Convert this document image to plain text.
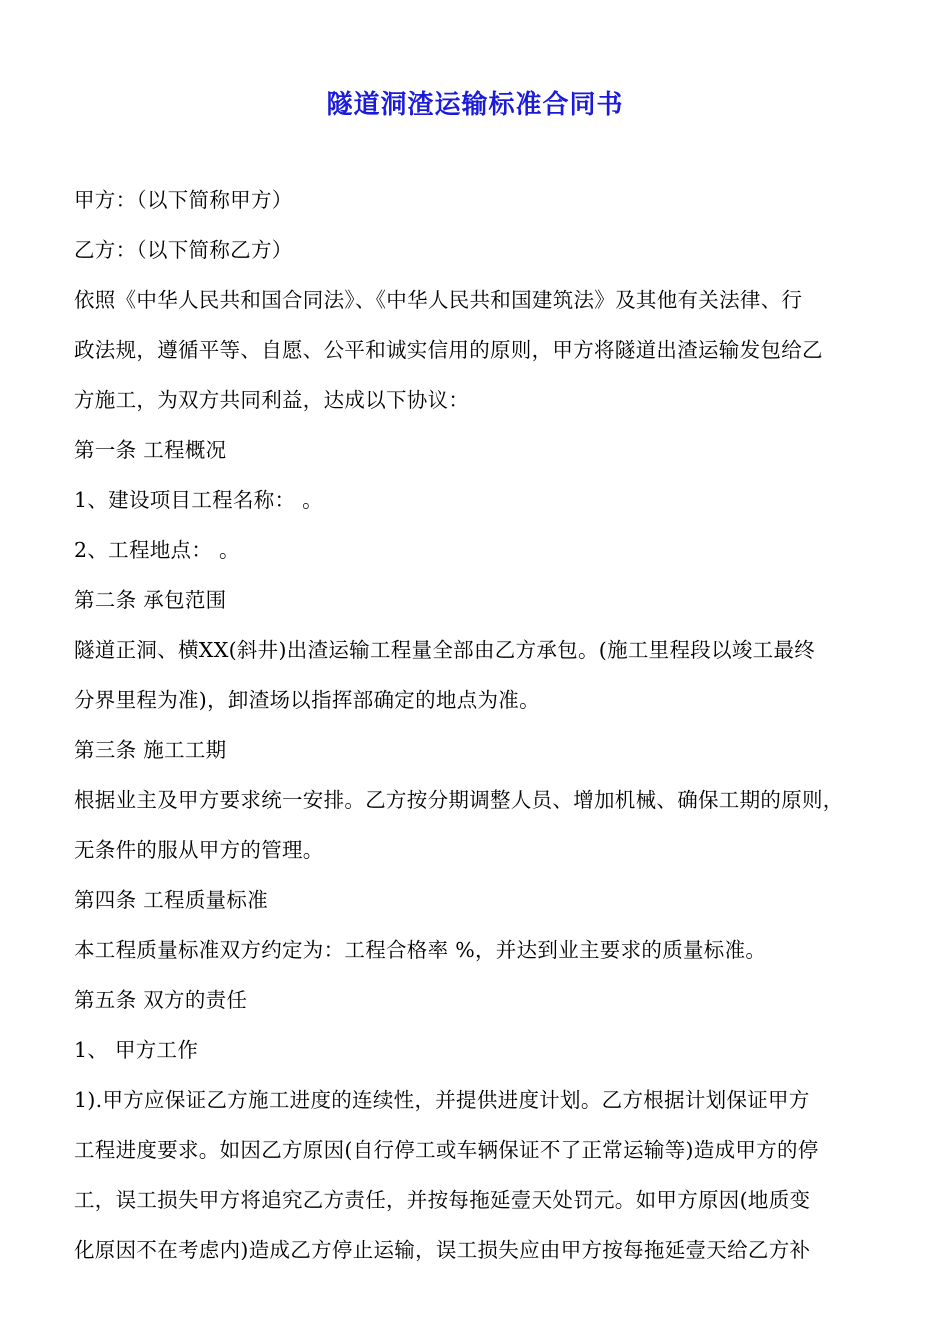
隧道洞渣运输标准合同书
甲方：（以下简称甲方）
乙方：（以下简称乙方）
依照《中华人民共和国合同法》、《中华人民共和国建筑法》及其他有关法律、行
政法规，遵循平等、自愿、公平和诚实信用的原则，甲方将隧道出渣运输发包给乙
方施工，为双方共同利益，达成以下协议：
第一条 工程概况
1、建设项目工程名称： 。
2、工程地点： 。
第二条 承包范围
隧道正洞、横XX(斜井)出渣运输工程量全部由乙方承包。(施工里程段以竣工最终
分界里程为准)，卸渣场以指挥部确定的地点为准。
第三条 施工工期
根据业主及甲方要求统一安排。乙方按分期调整人员、增加机械、确保工期的原则，
无条件的服从甲方的管理。
第四条 工程质量标准
本工程质量标准双方约定为：工程合格率 %，并达到业主要求的质量标准。
第五条 双方的责任
1、 甲方工作
1).甲方应保证乙方施工进度的连续性，并提供进度计划。乙方根据计划保证甲方
工程进度要求。如因乙方原因(自行停工或车辆保证不了正常运输等)造成甲方的停
工，误工损失甲方将追究乙方责任，并按每拖延壹天处罚元。如甲方原因(地质变
化原因不在考虑内)造成乙方停止运输，误工损失应由甲方按每拖延壹天给乙方补
